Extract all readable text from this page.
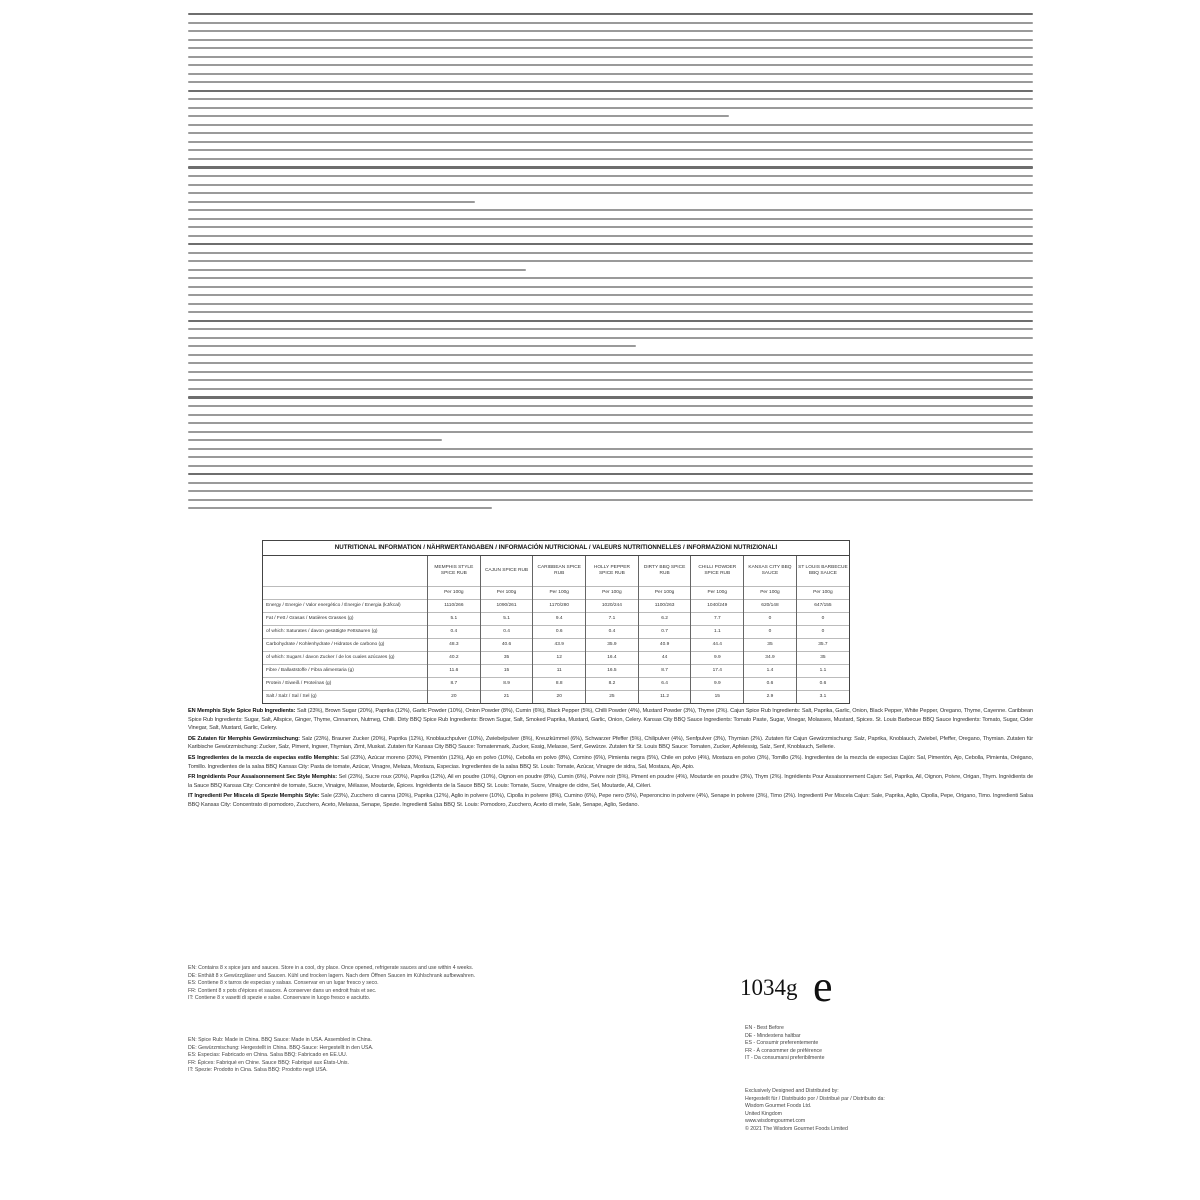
NUTRITIONAL INFORMATION / NÄHRWERTANGABEN / INFORMACIÓN NUTRICIONAL / VALEURS NUTRITIONNELLES / INFORMAZIONI NUTRIZIONALI
	MEMPHIS STYLE SPICE RUB	CAJUN SPICE RUB	CARIBBEAN SPICE RUB	HOLLY PEPPER SPICE RUB	DIRTY BBQ SPICE RUB	CHILLI POWDER SPICE RUB	KANSAS CITY BBQ SAUCE	ST LOUIS BARBECUE BBQ SAUCE
	Per 100g	Per 100g	Per 100g	Per 100g	Per 100g	Per 100g	Per 100g	Per 100g
Energy / Energie / Valor energético / Énergie / Energia (kJ/kcal)	1110/266	1090/261	1170/280	1020/244	1100/263	1040/249	620/148	647/155
Fat / Fett / Grasas / Matières Grasses (g)	5.1	5.1	9.4	7.1	6.2	7.7	0	0
of which: Saturates / davon gesättigte Fettsäuren (g)	0.4	0.4	0.6	0.4	0.7	1.1	0	0
Carbohydrate / Kohlenhydrate / Hidratos de carbono (g)	48.3	40.6	43.9	35.9	40.9	44.4	35	35.7
of which: Sugars / davon Zucker / de los cuales azúcares (g)	40.2	35	12	16.4	44	9.9	34.9	35
Fibre / Ballaststoffe / Fibra alimentaria (g)	11.6	15	11	16.5	8.7	17.4	1.4	1.1
Protein / Eiweiß / Proteínas (g)	8.7	8.9	8.8	8.2	6.4	9.9	0.6	0.6
Salt / Salz / Sal / Sel (g)	20	21	20	25	11.2	15	2.9	3.1

EN Memphis Style Spice Rub Ingredients: Salt (23%), Brown Sugar (20%), Paprika (12%), Garlic Powder (10%), Onion Powder (8%), Cumin (6%), Black Pepper (5%), Chilli Powder (4%), Mustard Powder (3%), Thyme (2%). Cajun Spice Rub Ingredients: Salt, Paprika, Garlic, Onion, Black Pepper, White Pepper, Oregano, Thyme, Cayenne. Caribbean Spice Rub Ingredients: Sugar, Salt, Allspice, Ginger, Thyme, Cinnamon, Nutmeg, Chilli. Dirty BBQ Spice Rub Ingredients: Brown Sugar, Salt, Smoked Paprika, Mustard, Garlic, Onion, Celery. Kansas City BBQ Sauce Ingredients: Tomato Paste, Sugar, Vinegar, Molasses, Mustard, Spices. St. Louis Barbecue BBQ Sauce Ingredients: Tomato, Sugar, Cider Vinegar, Salt, Mustard, Garlic, Celery.

DE Zutaten für Memphis Gewürzmischung: Salz (23%), Brauner Zucker (20%), Paprika (12%), Knoblauchpulver (10%), Zwiebelpulver (8%), Kreuzkümmel (6%), Schwarzer Pfeffer (5%), Chilipulver (4%), Senfpulver (3%), Thymian (2%). Zutaten für Cajun Gewürzmischung: Salz, Paprika, Knoblauch, Zwiebel, Pfeffer, Oregano, Thymian. Zutaten für Karibische Gewürzmischung: Zucker, Salz, Piment, Ingwer, Thymian, Zimt, Muskat. Zutaten für Kansas City BBQ Sauce: Tomatenmark, Zucker, Essig, Melasse, Senf, Gewürze. Zutaten für St. Louis BBQ Sauce: Tomaten, Zucker, Apfelessig, Salz, Senf, Knoblauch, Sellerie.

ES Ingredientes de la mezcla de especias estilo Memphis: Sal (23%), Azúcar moreno (20%), Pimentón (12%), Ajo en polvo (10%), Cebolla en polvo (8%), Comino (6%), Pimienta negra (5%), Chile en polvo (4%), Mostaza en polvo (3%), Tomillo (2%). Ingredientes de la mezcla de especias Cajún: Sal, Pimentón, Ajo, Cebolla, Pimienta, Orégano, Tomillo. Ingredientes de la salsa BBQ Kansas City: Pasta de tomate, Azúcar, Vinagre, Melaza, Mostaza, Especias. Ingredientes de la salsa BBQ St. Louis: Tomate, Azúcar, Vinagre de sidra, Sal, Mostaza, Ajo, Apio.

FR Ingrédients Pour Assaisonnement Sec Style Memphis: Sel (23%), Sucre roux (20%), Paprika (12%), Ail en poudre (10%), Oignon en poudre (8%), Cumin (6%), Poivre noir (5%), Piment en poudre (4%), Moutarde en poudre (3%), Thym (2%). Ingrédients Pour Assaisonnement Cajun: Sel, Paprika, Ail, Oignon, Poivre, Origan, Thym. Ingrédients de la Sauce BBQ Kansas City: Concentré de tomate, Sucre, Vinaigre, Mélasse, Moutarde, Épices. Ingrédients de la Sauce BBQ St. Louis: Tomate, Sucre, Vinaigre de cidre, Sel, Moutarde, Ail, Céleri.

IT Ingredienti Per Miscela di Spezie Memphis Style: Sale (23%), Zucchero di canna (20%), Paprika (12%), Aglio in polvere (10%), Cipolla in polvere (8%), Cumino (6%), Pepe nero (5%), Peperoncino in polvere (4%), Senape in polvere (3%), Timo (2%). Ingredienti Per Miscela Cajun: Sale, Paprika, Aglio, Cipolla, Pepe, Origano, Timo. Ingredienti Salsa BBQ Kansas City: Concentrato di pomodoro, Zucchero, Aceto, Melassa, Senape, Spezie. Ingredienti Salsa BBQ St. Louis: Pomodoro, Zucchero, Aceto di mele, Sale, Senape, Aglio, Sedano.

EN: Contains 8 x spice jars and sauces. Store in a cool, dry place. Once opened, refrigerate sauces and use within 4 weeks.
DE: Enthält 8 x Gewürzgläser und Saucen. Kühl und trocken lagern. Nach dem Öffnen Saucen im Kühlschrank aufbewahren.
ES: Contiene 8 x tarros de especias y salsas. Conservar en un lugar fresco y seco.
FR: Contient 8 x pots d'épices et sauces. À conserver dans un endroit frais et sec.
IT: Contiene 8 x vasetti di spezie e salse. Conservare in luogo fresco e asciutto.	1034g e
EN: Spice Rub: Made in China. BBQ Sauce: Made in USA. Assembled in China.
DE: Gewürzmischung: Hergestellt in China. BBQ-Sauce: Hergestellt in den USA.
ES: Especias: Fabricado en China. Salsa BBQ: Fabricado en EE.UU.
FR: Épices: Fabriqué en Chine. Sauce BBQ: Fabriqué aux États-Unis.
IT: Spezie: Prodotto in Cina. Salsa BBQ: Prodotto negli USA.
EN - Best Before
DE - Mindestens haltbar
ES - Consumir preferentemente
FR - À consommer de préférence
IT - Da consumarsi preferibilmente
Exclusively Designed and Distributed by:
Hergestellt für / Distribuido por / Distribué par / Distribuito da:
Wisdom Gourmet Foods Ltd.
United Kingdom
www.wisdomgourmet.com
© 2021 The Wisdom Gourmet Foods Limited
